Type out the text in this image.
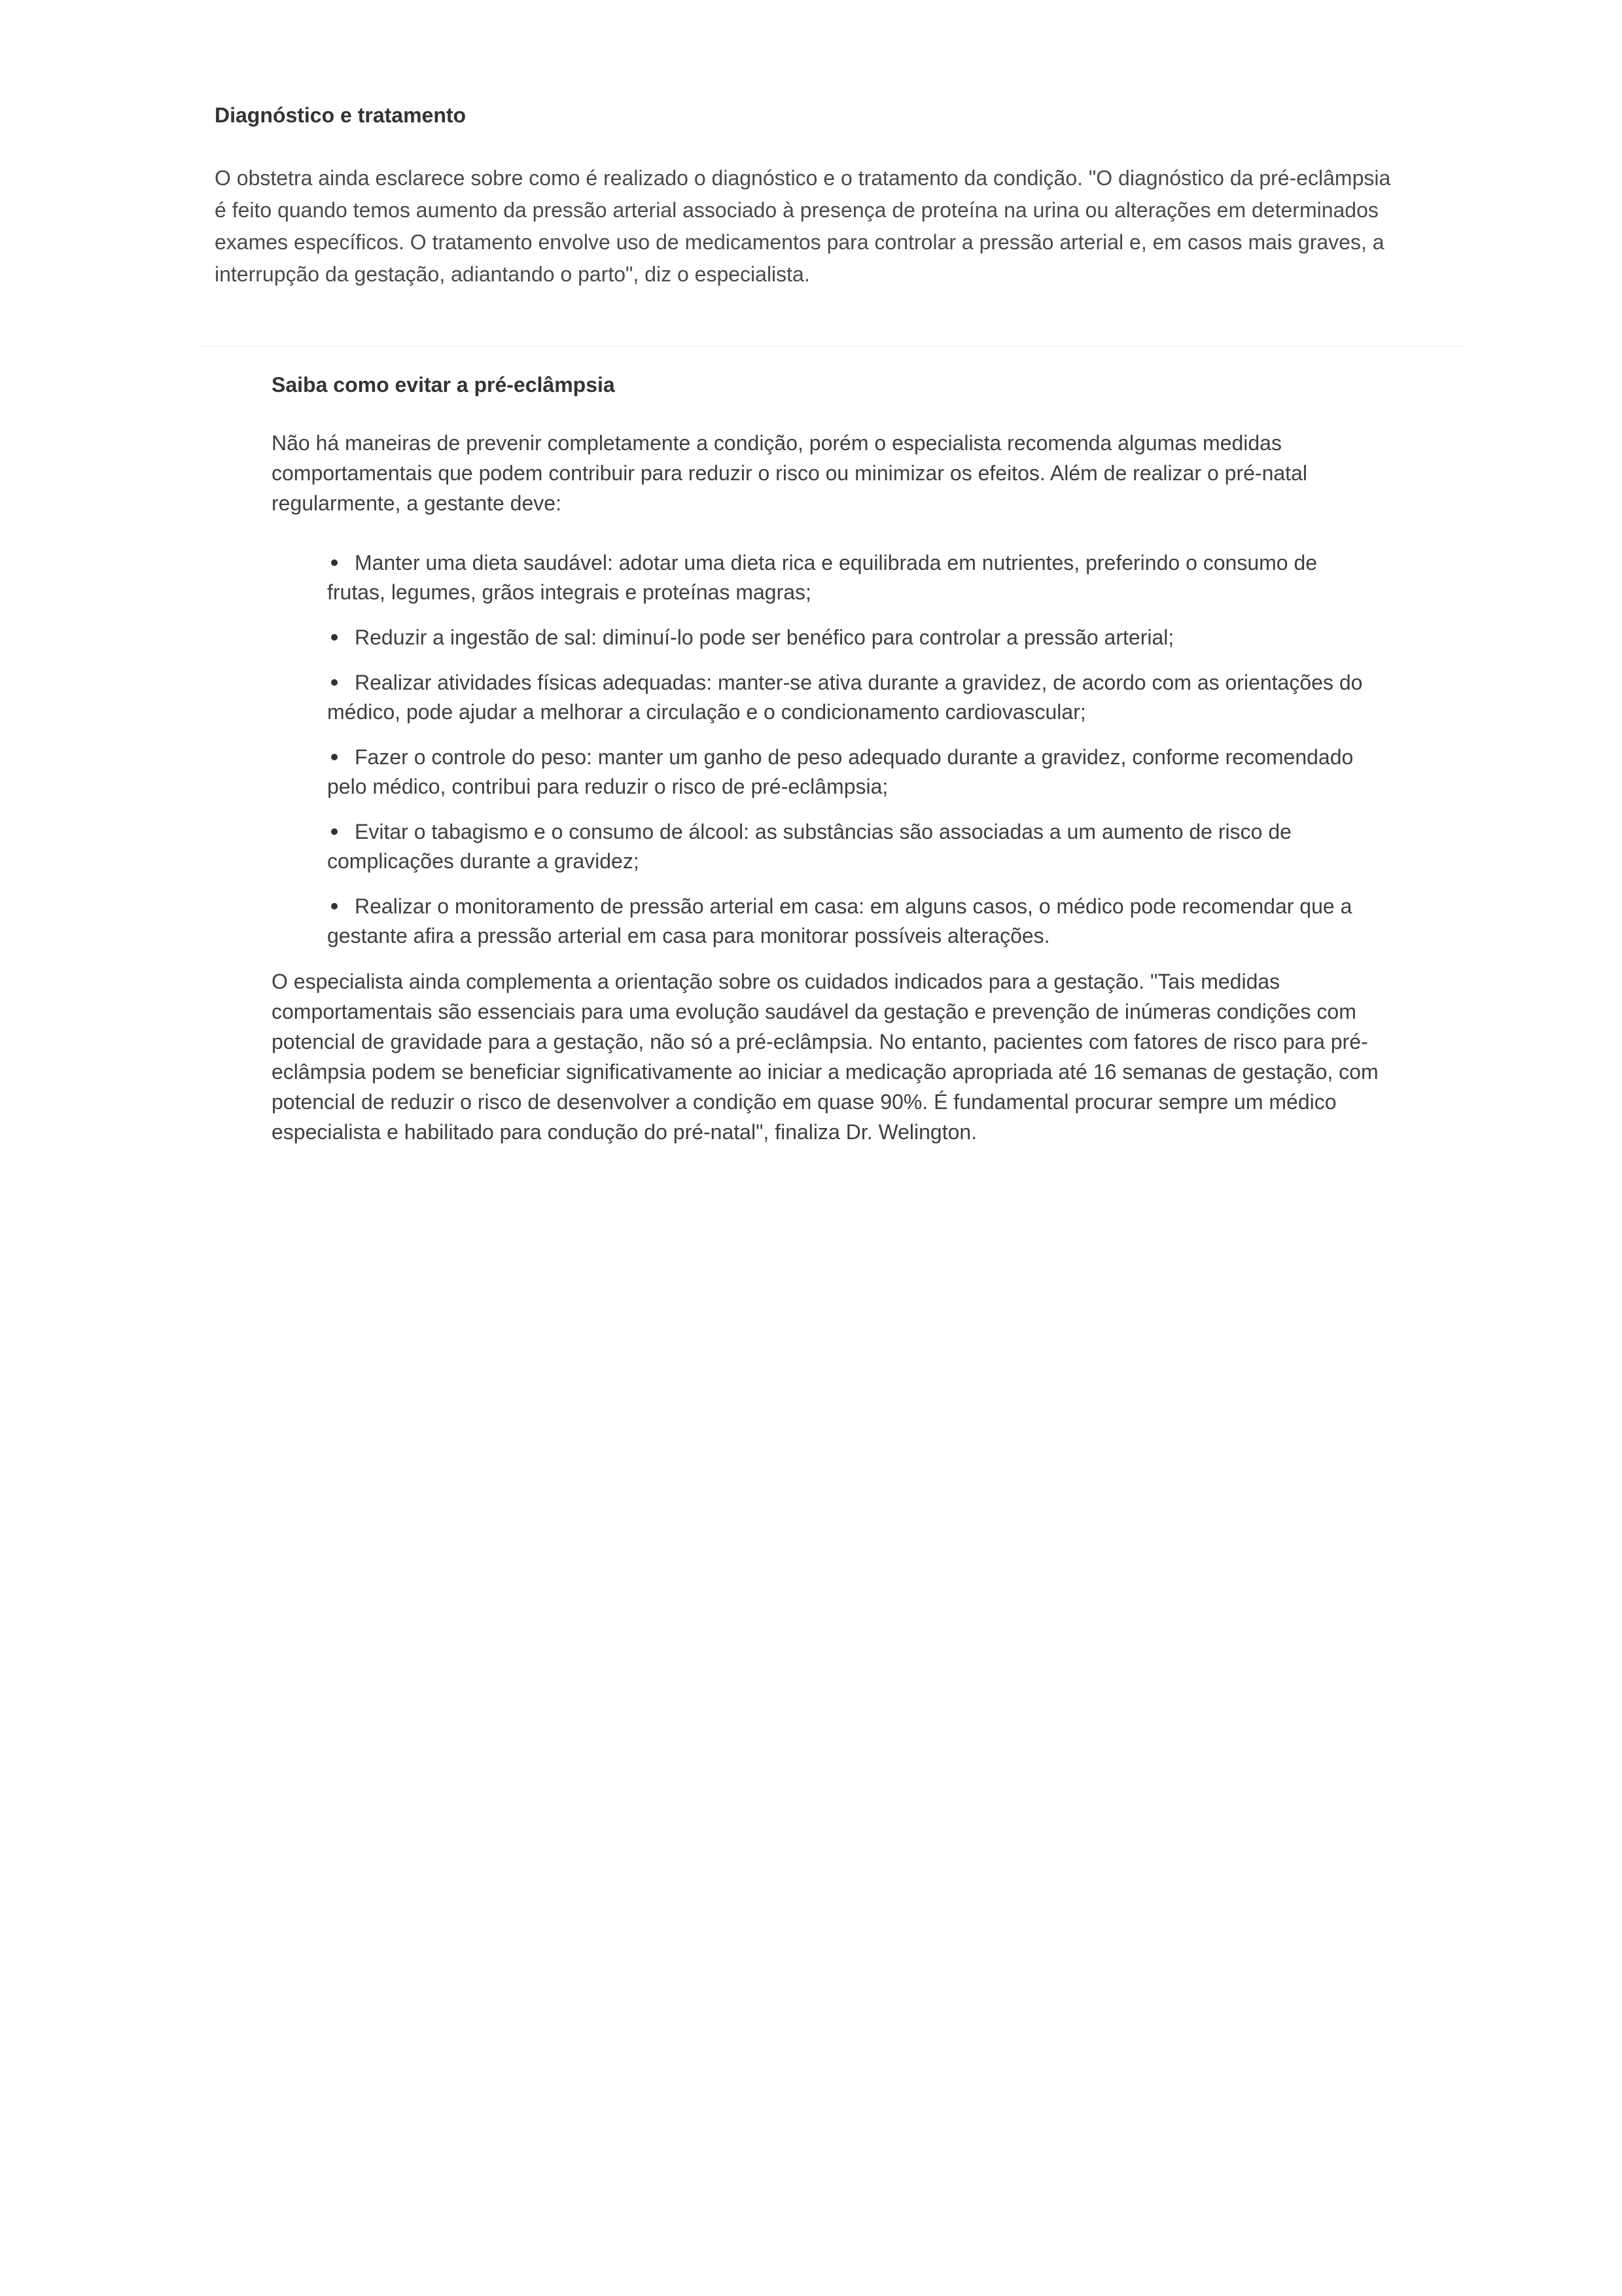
Diagnóstico e tratamento

O obstetra ainda esclarece sobre como é realizado o diagnóstico e o tratamento da condição. "O diagnóstico da pré-eclâmpsia é feito quando temos aumento da pressão arterial associado à presença de proteína na urina ou alterações em determinados exames específicos. O tratamento envolve uso de medicamentos para controlar a pressão arterial e, em casos mais graves, a interrupção da gestação, adiantando o parto", diz o especialista.

Saiba como evitar a pré-eclâmpsia

Não há maneiras de prevenir completamente a condição, porém o especialista recomenda algumas medidas comportamentais que podem contribuir para reduzir o risco ou minimizar os efeitos. Além de realizar o pré-natal regularmente, a gestante deve:

Manter uma dieta saudável: adotar uma dieta rica e equilibrada em nutrientes, preferindo o consumo de frutas, legumes, grãos integrais e proteínas magras;
Reduzir a ingestão de sal: diminuí-lo pode ser benéfico para controlar a pressão arterial;
Realizar atividades físicas adequadas: manter-se ativa durante a gravidez, de acordo com as orientações do médico, pode ajudar a melhorar a circulação e o condicionamento cardiovascular;
Fazer o controle do peso: manter um ganho de peso adequado durante a gravidez, conforme recomendado pelo médico, contribui para reduzir o risco de pré-eclâmpsia;
Evitar o tabagismo e o consumo de álcool: as substâncias são associadas a um aumento de risco de complicações durante a gravidez;
Realizar o monitoramento de pressão arterial em casa: em alguns casos, o médico pode recomendar que a gestante afira a pressão arterial em casa para monitorar possíveis alterações.

O especialista ainda complementa a orientação sobre os cuidados indicados para a gestação. "Tais medidas comportamentais são essenciais para uma evolução saudável da gestação e prevenção de inúmeras condições com potencial de gravidade para a gestação, não só a pré-eclâmpsia. No entanto, pacientes com fatores de risco para pré-eclâmpsia podem se beneficiar significativamente ao iniciar a medicação apropriada até 16 semanas de gestação, com potencial de reduzir o risco de desenvolver a condição em quase 90%. É fundamental procurar sempre um médico especialista e habilitado para condução do pré-natal", finaliza Dr. Welington.
